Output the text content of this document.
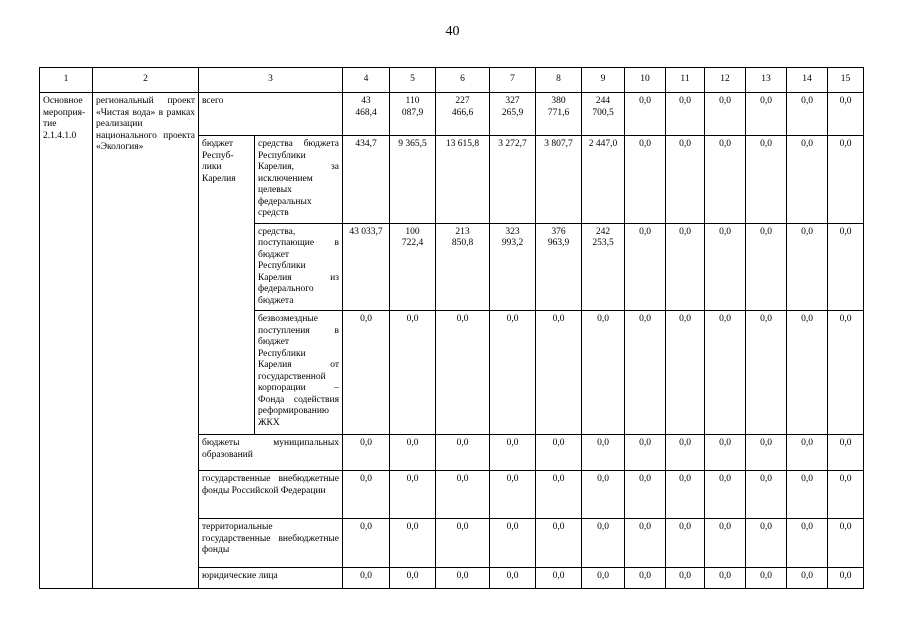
40
1	2	3		4	5	6	7	8	9	10	11	12	13	14	15
Основное
мероприя-
тие 2.1.4.1.0	региональный проект «Чистая вода» в рамках реализации национального проекта «Экология»	всего		43
468,4	110
087,9	227
466,6	327
265,9	380
771,6	244
700,5	0,0	0,0	0,0	0,0	0,0	0,0
		бюджет Респуб-
лики
Карелия	средства бюджета Республики Карелия, за исключением целевых федеральных средств	434,7	9 365,5	13 615,8	3 272,7	3 807,7	2 447,0	0,0	0,0	0,0	0,0	0,0	0,0
			средства, поступающие в бюджет Республики Карелия из федерального бюджета	43 033,7	100
722,4	213
850,8	323
993,2	376
963,9	242
253,5	0,0	0,0	0,0	0,0	0,0	0,0
			безвозмездные поступления в бюджет Республики Карелия от государственной корпорации – Фонда содействия реформированию ЖКХ	0,0	0,0	0,0	0,0	0,0	0,0	0,0	0,0	0,0	0,0	0,0	0,0
		бюджеты муниципальных образований		0,0	0,0	0,0	0,0	0,0	0,0	0,0	0,0	0,0	0,0	0,0	0,0
		государственные внебюджетные фонды Российской Федерации		0,0	0,0	0,0	0,0	0,0	0,0	0,0	0,0	0,0	0,0	0,0	0,0
		территориальные государственные внебюджетные фонды		0,0	0,0	0,0	0,0	0,0	0,0	0,0	0,0	0,0	0,0	0,0	0,0
		юридические лица		0,0	0,0	0,0	0,0	0,0	0,0	0,0	0,0	0,0	0,0	0,0	0,0
